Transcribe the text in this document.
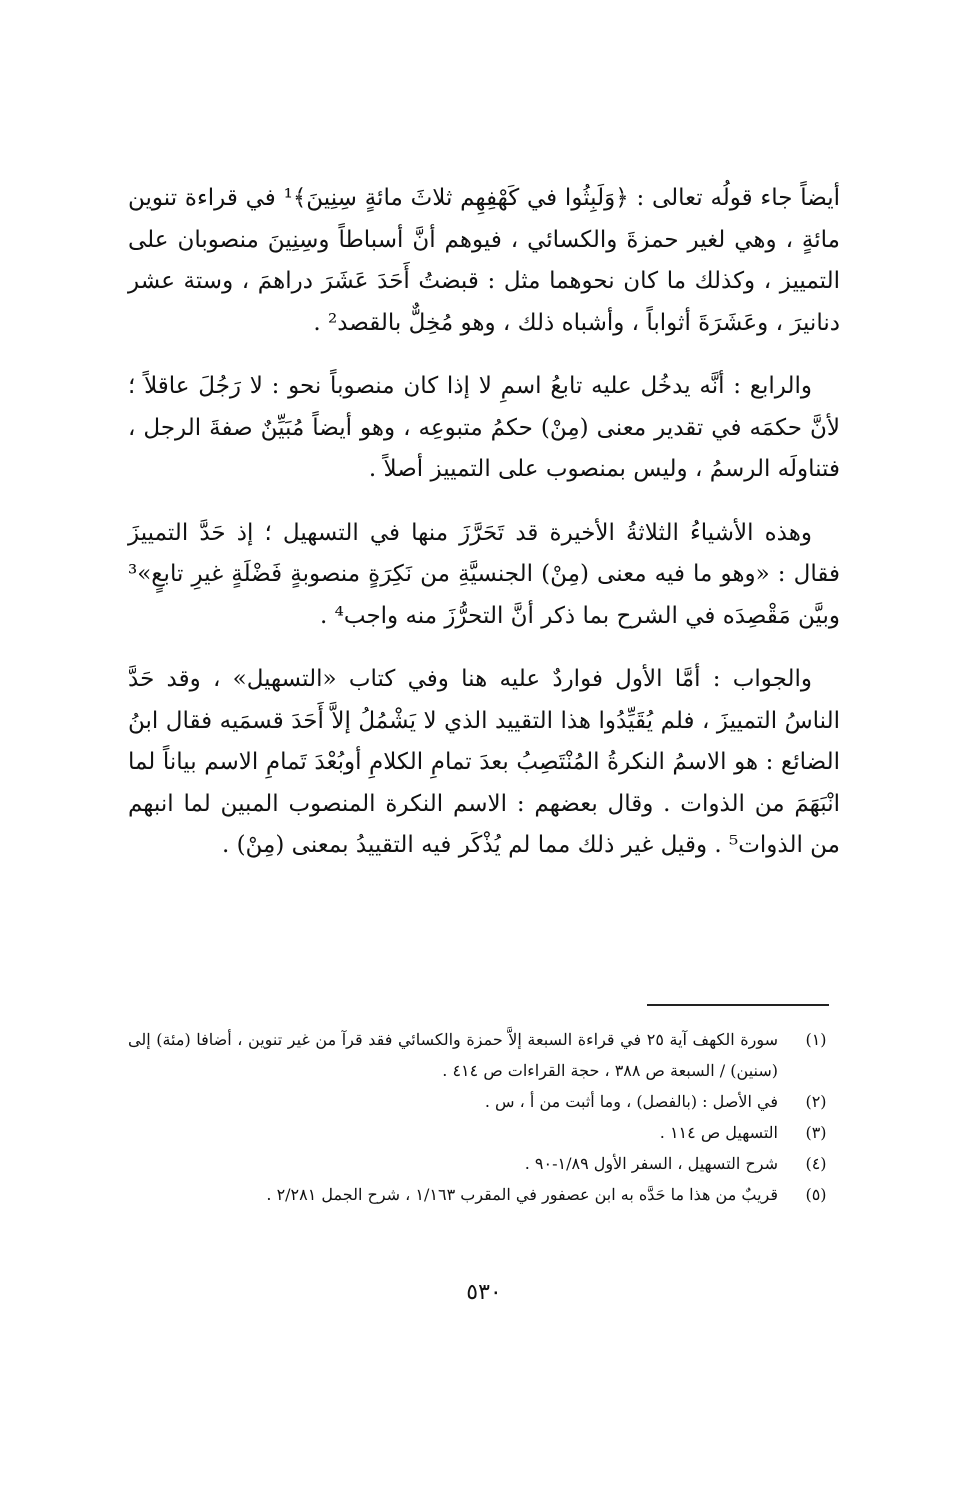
أيضاً جاء قولُه تعالى : ﴿وَلَبِثُوا في كَهْفِهِم ثلاثَ مائةٍ سِنِينَ﴾¹ في قراءة تنوين مائةٍ ، وهي لغير حمزةَ والكسائي ، فيوهم أنَّ أسباطاً وسِنِينَ منصوبان على التمييز ، وكذلك ما كان نحوهما مثل : قبضتُ أَحَدَ عَشَرَ دراهمَ ، وستة عشر دنانيرَ ، وعَشَرَةَ أثواباً ، وأشباه ذلك ، وهو مُخِلٌّ بالقصد² .

والرابع : أنَّه يدخُل عليه تابعُ اسمِ لا إذا كان منصوباً نحو : لا رَجُلَ عاقلاً ؛ لأنَّ حكمَه في تقدير معنى (مِنْ) حكمُ متبوعِه ، وهو أيضاً مُبَيِّنٌ صفةَ الرجل ، فتناولَه الرسمُ ، وليس بمنصوب على التمييز أصلاً .

وهذه الأشياءُ الثلاثةُ الأخيرة قد تَحَرَّزَ منها في التسهيل ؛ إذ حَدَّ التمييزَ فقال : «وهو ما فيه معنى (مِنْ) الجنسيَّةِ من نَكِرَةٍ منصوبةٍ فَضْلَةٍ غيرِ تابعٍ»³ وبيَّن مَقْصِدَه في الشرح بما ذكر أنَّ التحرُّزَ منه واجب⁴ .

والجواب : أمَّا الأول فواردٌ عليه هنا وفي كتاب «التسهيل» ، وقد حَدَّ الناسُ التمييزَ ، فلم يُقَيِّدُوا هذا التقييد الذي لا يَشْمُلُ إلاَّ أَحَدَ قسمَيه فقال ابنُ الضائع : هو الاسمُ النكرةُ المُنْتَصِبُ بعدَ تمامِ الكلامِ أوبُعْدَ تَمامِ الاسم بياناً لما انْبَهَمَ من الذوات . وقال بعضهم : الاسم النكرة المنصوب المبين لما انبهم من الذوات⁵ . وقيل غير ذلك مما لم يُذْكَر فيه التقييدُ بمعنى (مِنْ) .

(١)
سورة الكهف آية ٢٥ في قراءة السبعة إلاَّ حمزة والكسائي فقد قرآ من غير تنوين ، أضافا (مئة) إلى (سنين) / السبعة ص ٣٨٨ ، حجة القراءات ص ٤١٤ .
(٢)
في الأصل : (بالفصل) ، وما أثبت من أ ، س .
(٣)
التسهيل ص ١١٤ .
(٤)
شرح التسهيل ، السفر الأول ١/٨٩-٩٠ .
(٥)
قريبٌ من هذا ما حَدَّه به ابن عصفور في المقرب ١/١٦٣ ، شرح الجمل ٢/٢٨١ .
٥٣٠
